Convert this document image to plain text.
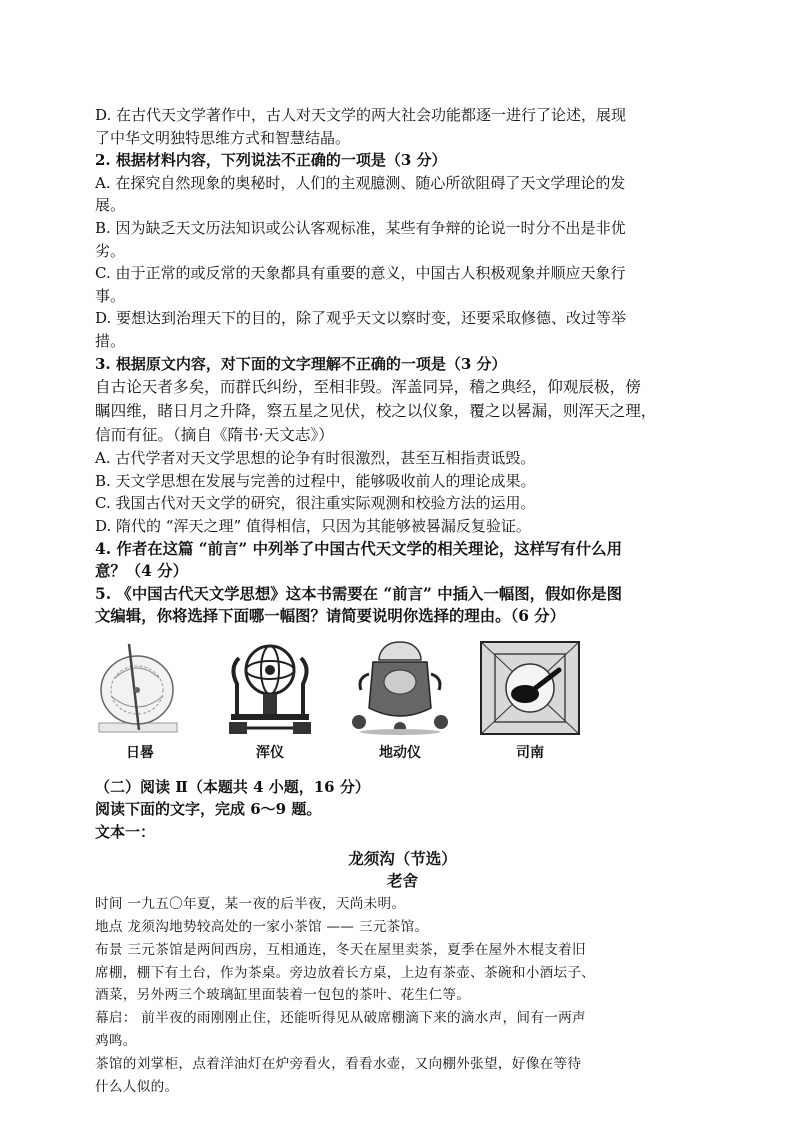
D. 在古代天文学著作中，古人对天文学的两大社会功能都逐一进行了论述，展现

了中华文明独特思维方式和智慧结晶。

2. 根据材料内容，下列说法不正确的一项是（3 分）

A. 在探究自然现象的奥秘时，人们的主观臆测、随心所欲阻碍了天文学理论的发

展。

B. 因为缺乏天文历法知识或公认客观标准，某些有争辩的论说一时分不出是非优

劣。

C. 由于正常的或反常的天象都具有重要的意义，中国古人积极观象并顺应天象行

事。

D. 要想达到治理天下的目的，除了观乎天文以察时变，还要采取修德、改过等举

措。

3. 根据原文内容，对下面的文字理解不正确的一项是（3 分）

自古论天者多矣，而群氏纠纷，至相非毁。浑盖同异，稽之典经，仰观辰极，傍

瞩四维，睹日月之升降，察五星之见伏，校之以仪象，覆之以晷漏，则浑天之理，

信而有征。（摘自《隋书·天文志》）

A. 古代学者对天文学思想的论争有时很激烈，甚至互相指责诋毁。

B. 天文学思想在发展与完善的过程中，能够吸收前人的理论成果。

C. 我国古代对天文学的研究，很注重实际观测和校验方法的运用。

D. 隋代的 “浑天之理” 值得相信，只因为其能够被晷漏反复验证。

4. 作者在这篇 “前言” 中列举了中国古代天文学的相关理论，这样写有什么用

意？（4 分）

5. 《中国古代天文学思想》这本书需要在 “前言” 中插入一幅图，假如你是图

文编辑，你将选择下面哪一幅图？请简要说明你选择的理由。（6 分）

日晷	浑仪	地动仪	司南

（二）阅读 Ⅱ（本题共 4 小题，16 分）

阅读下面的文字，完成 6～9 题。

文本一：

龙须沟（节选）

老舍

时间 一九五〇年夏，某一夜的后半夜，天尚未明。

地点 龙须沟地势较高处的一家小茶馆 —— 三元茶馆。

布景 三元茶馆是两间西房，互相通连，冬天在屋里卖茶，夏季在屋外木棍支着旧

席棚，棚下有土台，作为茶桌。旁边放着长方桌，上边有茶壶、茶碗和小酒坛子、

酒菜，另外两三个玻璃缸里面装着一包包的茶叶、花生仁等。

幕启： 前半夜的雨刚刚止住，还能听得见从破席棚滴下来的滴水声，间有一两声

鸡鸣。

茶馆的刘掌柜，点着洋油灯在炉旁看火，看看水壶，又向棚外张望，好像在等待

什么人似的。
